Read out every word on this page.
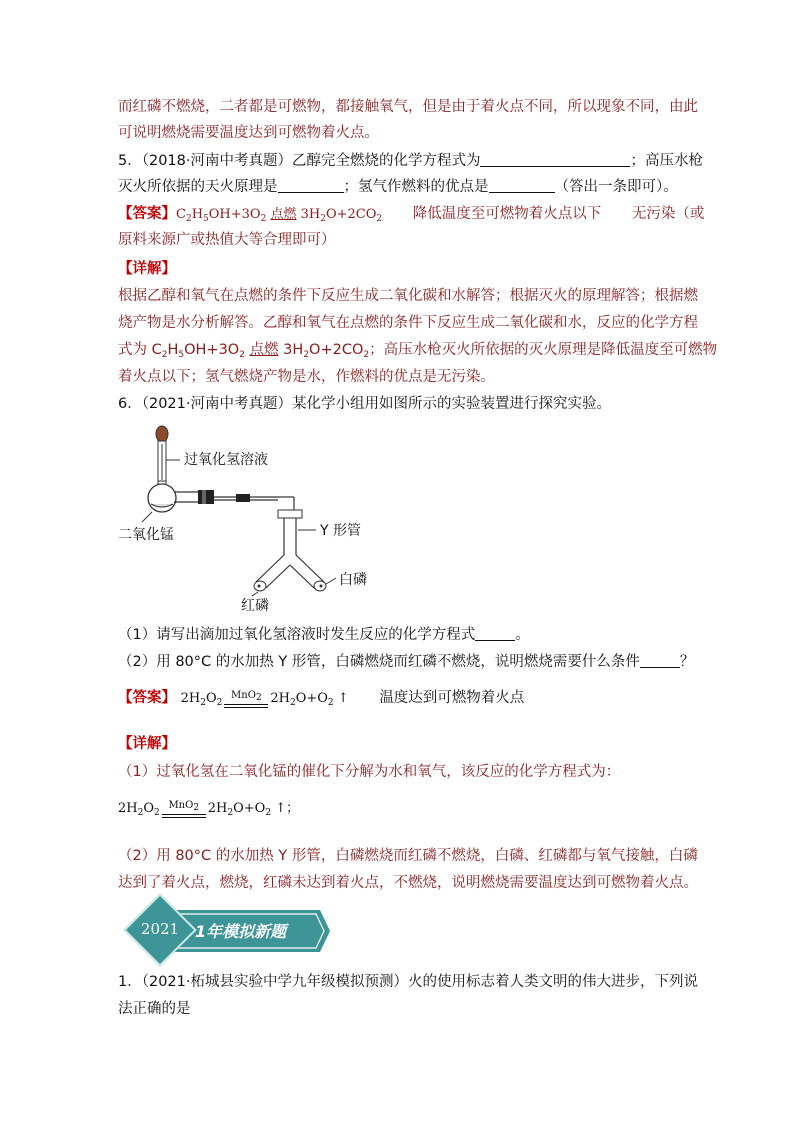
而红磷不燃烧，二者都是可燃物，都接触氧气，但是由于着火点不同，所以现象不同，由此
可说明燃烧需要温度达到可燃物着火点。
5．（2018·河南中考真题）乙醇完全燃烧的化学方程式为	；高压水枪
灭火所依据的天火原理是	；氢气作燃料的优点是	（答出一条即可）。
【答案】$C_2H_5OH+3O_2$ 点燃 $3H_2O+2CO_2$ 降低温度至可燃物着火点以下 无污染（或
原料来源广或热值大等合理即可）
【详解】
根据乙醇和氧气在点燃的条件下反应生成二氧化碳和水解答；根据灭火的原理解答；根据燃
烧产物是水分析解答。乙醇和氧气在点燃的条件下反应生成二氧化碳和水，反应的化学方程
式为 $C_2H_5OH+3O_2$ 点燃 $3H_2O+2CO_2$；高压水枪灭火所依据的灭火原理是降低温度至可燃物
着火点以下；氢气燃烧产物是水，作燃料的优点是无污染。
6．（2021·河南中考真题）某化学小组用如图所示的实验装置进行探究实验。
过氧化氢溶液
二氧化锰	Y 形管
白磷
红磷
（1）请写出滴加过氧化氢溶液时发生反应的化学方程式	。
（2）用 80°C 的水加热 Y 形管，白磷燃烧而红磷不燃烧，说明燃烧需要什么条件	？
【答案】 $2H_2O_2$
MnO2 $2H_2O+O_2$ ↑ 温度达到可燃物着火点
【详解】
（1）过氧化氢在二氧化锰的催化下分解为水和氧气，该反应的化学方程式为：
$2H_2O_2$
MnO2 $2H_2O+O_2$ ↑；
（2）用 80°C 的水加热 Y 形管，白磷燃烧而红磷不燃烧，白磷、红磷都与氧气接触，白磷
达到了着火点，燃烧，红磷未达到着火点，不燃烧，说明燃烧需要温度达到可燃物着火点。
2021 1年模拟新题
1．（2021·柘城县实验中学九年级模拟预测）火的使用标志着人类文明的伟大进步，下列说
法正确的是
